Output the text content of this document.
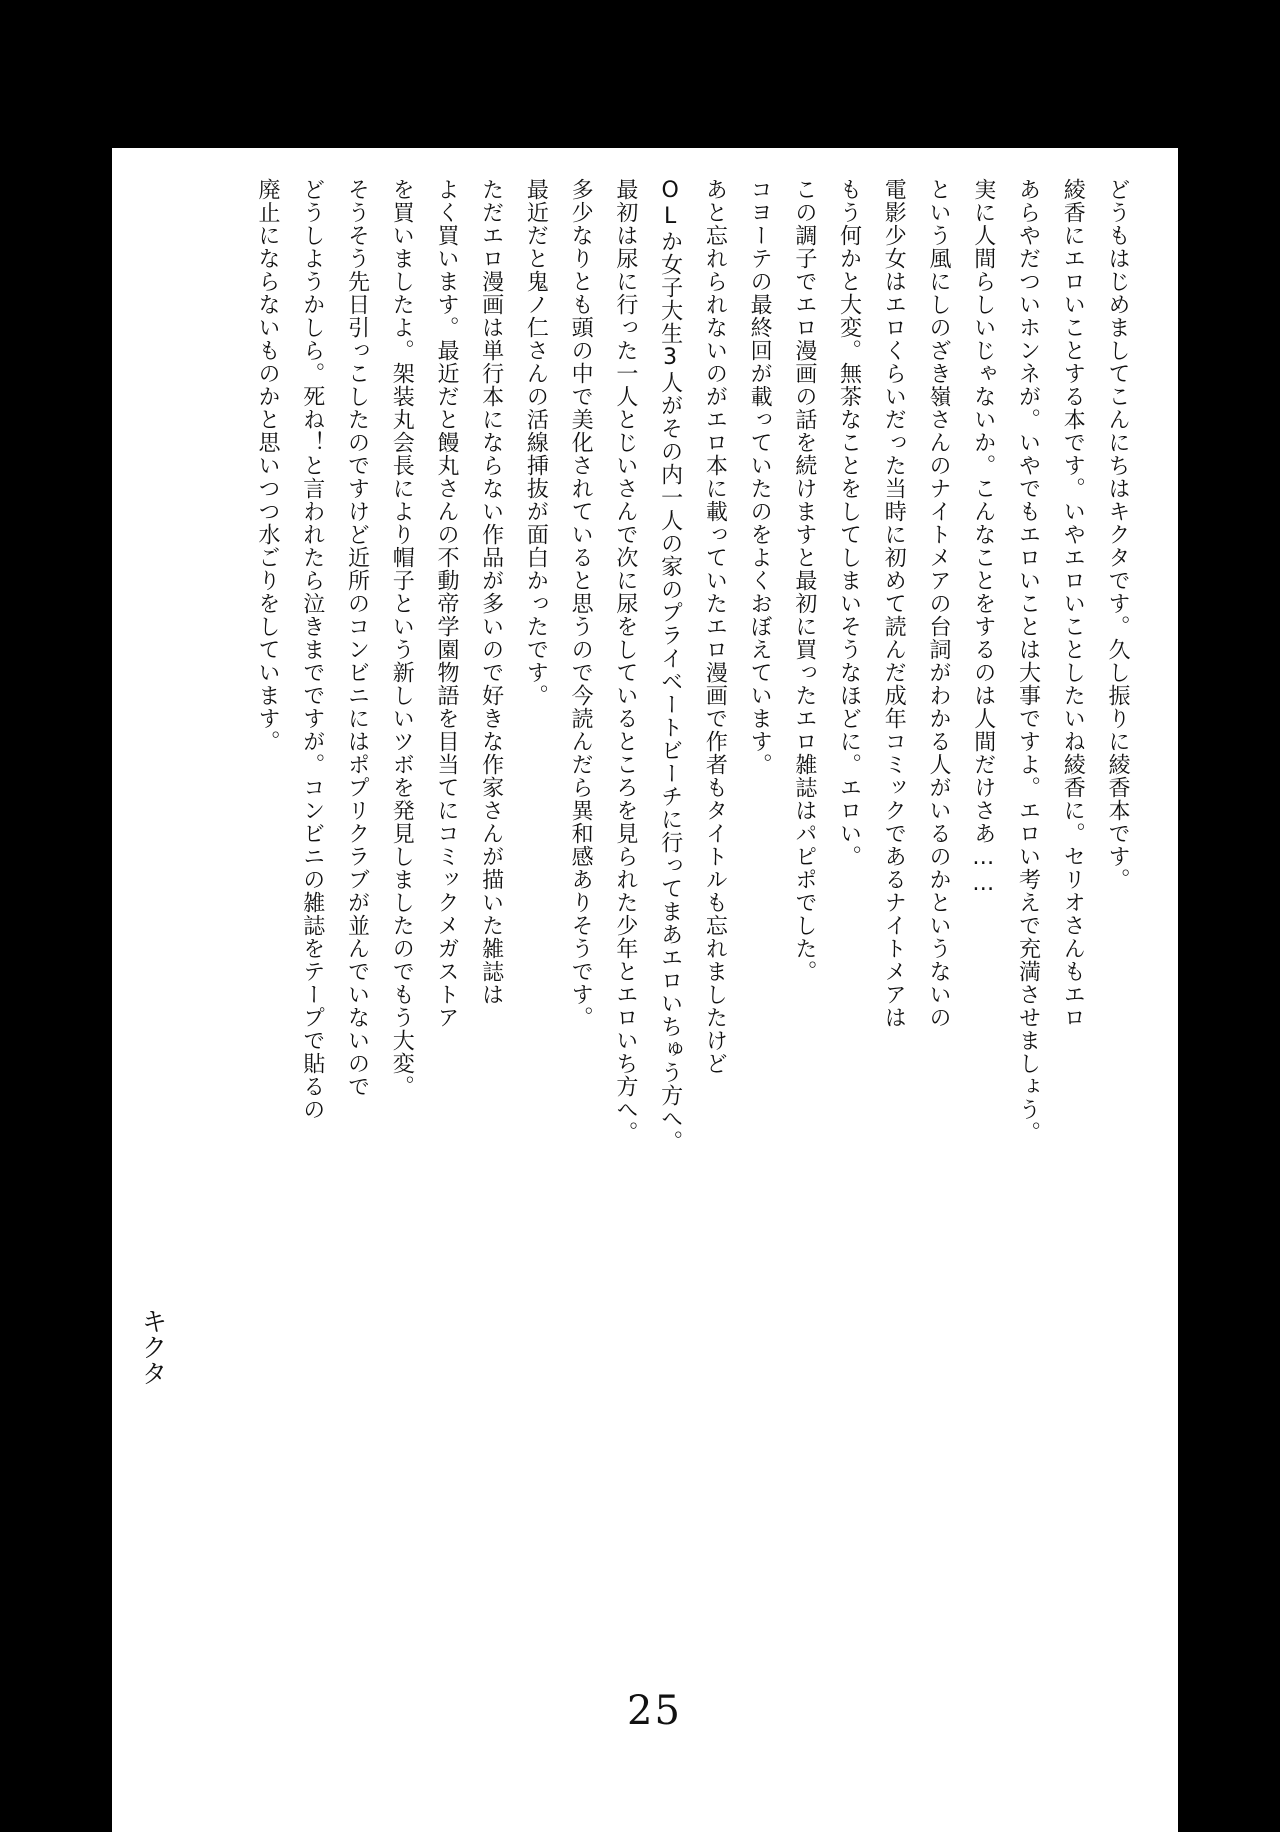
どうもはじめましてこんにちはキクタです。久し振りに綾香本です。
綾香にエロいことする本です。いやエロいことしたいね綾香に。セリオさんもエロ
あらやだついホンネが。いやでもエロいことは大事ですよ。エロい考えで充満させましょう。
実に人間らしいじゃないか。こんなことをするのは人間だけさあ……
という風にしのざき嶺さんのナイトメアの台詞がわかる人がいるのかというないの
電影少女はエロくらいだった当時に初めて読んだ成年コミックであるナイトメアは
もう何かと大変。無茶なことをしてしまいそうなほどに。エロい。
この調子でエロ漫画の話を続けますと最初に買ったエロ雑誌はパピポでした。
コヨーテの最終回が載っていたのをよくおぼえています。
あと忘れられないのがエロ本に載っていたエロ漫画で作者もタイトルも忘れましたけど
OLか女子大生3人がその内一人の家のプライベートビーチに行ってまあエロいちゅう方へ。
最初は尿に行った一人とじいさんで次に尿をしているところを見られた少年とエロいち方へ。
多少なりとも頭の中で美化されていると思うので今読んだら異和感ありそうです。
最近だと鬼ノ仁さんの活線挿抜が面白かったです。
ただエロ漫画は単行本にならない作品が多いので好きな作家さんが描いた雑誌は
よく買います。最近だと饅丸さんの不動帝学園物語を目当てにコミックメガストア
を買いましたよ。架装丸会長により帽子という新しいツボを発見しましたのでもう大変。
そうそう先日引っこしたのですけど近所のコンビニにはポプリクラブが並んでいないので
どうしようかしら。死ね！と言われたら泣きまでですが。コンビニの雑誌をテープで貼るの
廃止にならないものかと思いつつ水ごりをしています。
キクタ
25
